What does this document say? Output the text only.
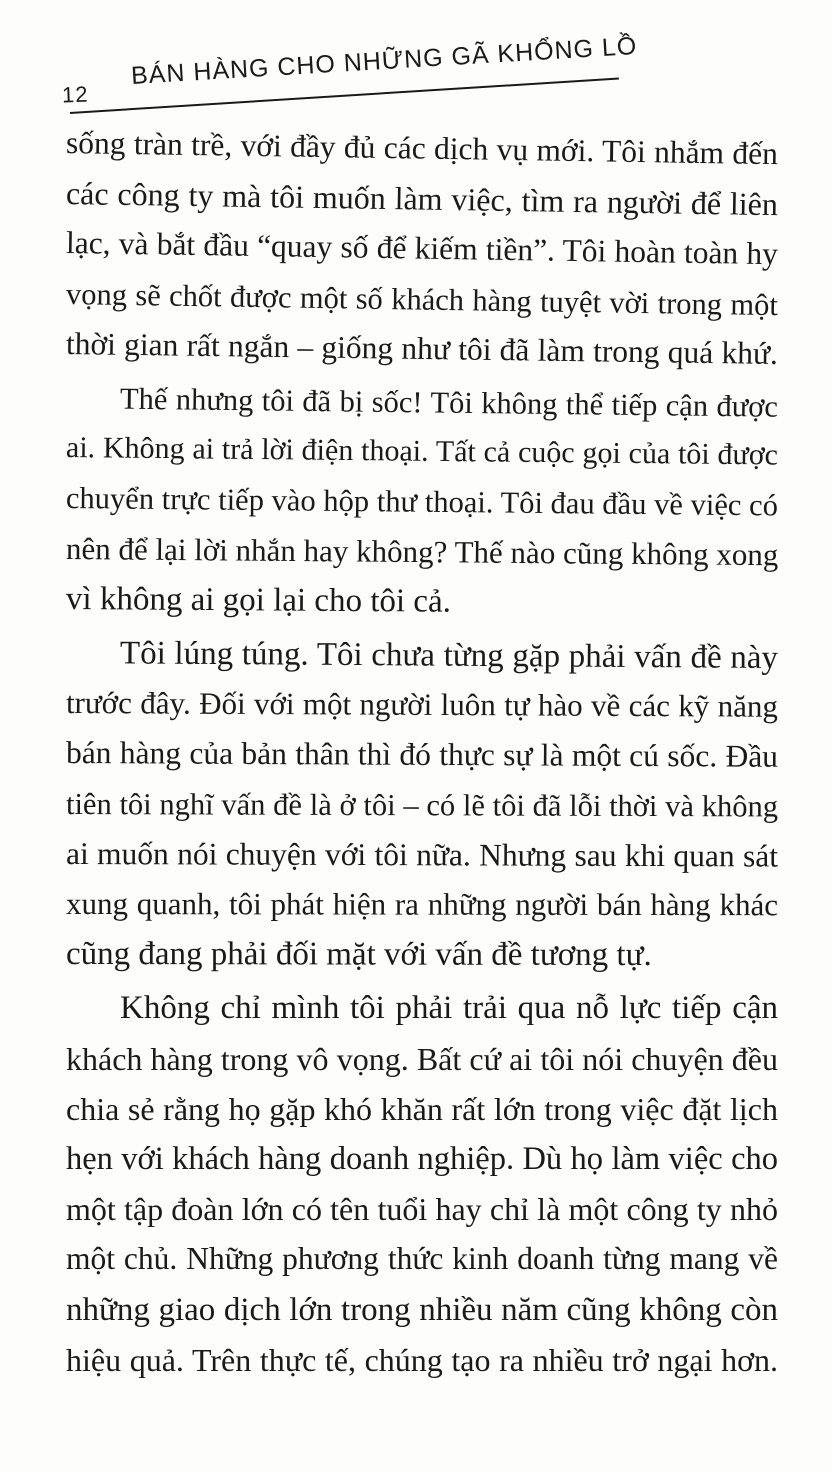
12
BÁN HÀNG CHO NHỮNG GÃ KHỔNG LỒ
sống tràn trề, với đầy đủ các dịch vụ mới. Tôi nhắm đến
các công ty mà tôi muốn làm việc, tìm ra người để liên
lạc, và bắt đầu “quay số để kiếm tiền”. Tôi hoàn toàn hy
vọng sẽ chốt được một số khách hàng tuyệt vời trong một
thời gian rất ngắn – giống như tôi đã làm trong quá khứ.
Thế nhưng tôi đã bị sốc! Tôi không thể tiếp cận được
ai. Không ai trả lời điện thoại. Tất cả cuộc gọi của tôi được
chuyển trực tiếp vào hộp thư thoại. Tôi đau đầu về việc có
nên để lại lời nhắn hay không? Thế nào cũng không xong
vì không ai gọi lại cho tôi cả.
Tôi lúng túng. Tôi chưa từng gặp phải vấn đề này
trước đây. Đối với một người luôn tự hào về các kỹ năng
bán hàng của bản thân thì đó thực sự là một cú sốc. Đầu
tiên tôi nghĩ vấn đề là ở tôi – có lẽ tôi đã lỗi thời và không
ai muốn nói chuyện với tôi nữa. Nhưng sau khi quan sát
xung quanh, tôi phát hiện ra những người bán hàng khác
cũng đang phải đối mặt với vấn đề tương tự.
Không chỉ mình tôi phải trải qua nỗ lực tiếp cận
khách hàng trong vô vọng. Bất cứ ai tôi nói chuyện đều
chia sẻ rằng họ gặp khó khăn rất lớn trong việc đặt lịch
hẹn với khách hàng doanh nghiệp. Dù họ làm việc cho
một tập đoàn lớn có tên tuổi hay chỉ là một công ty nhỏ
một chủ. Những phương thức kinh doanh từng mang về
những giao dịch lớn trong nhiều năm cũng không còn
hiệu quả. Trên thực tế, chúng tạo ra nhiều trở ngại hơn.
